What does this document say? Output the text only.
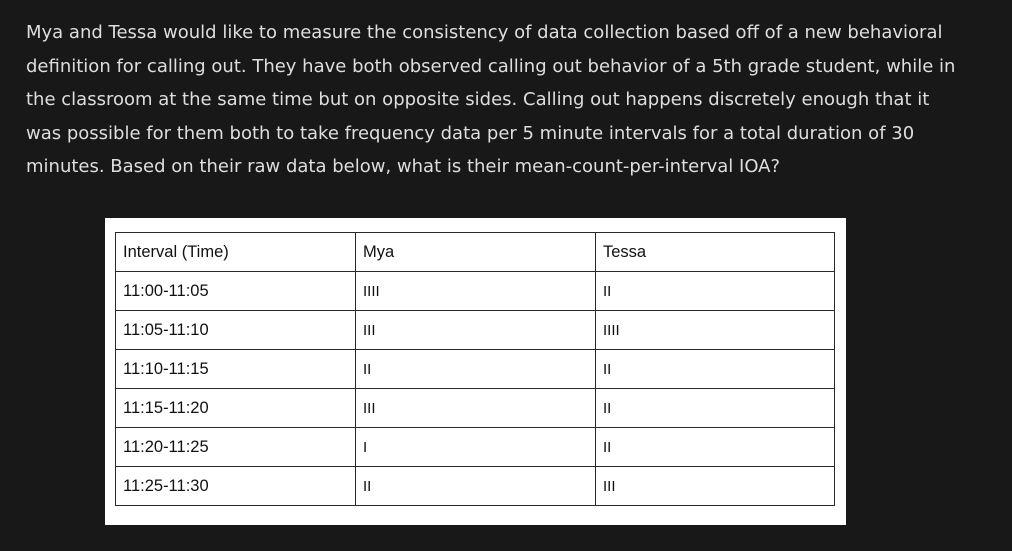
Mya and Tessa would like to measure the consistency of data collection based off of a new behavioral definition for calling out. They have both observed calling out behavior of a 5th grade student, while in the classroom at the same time but on opposite sides. Calling out happens discretely enough that it was possible for them both to take frequency data per 5 minute intervals for a total duration of 30 minutes. Based on their raw data below, what is their mean-count-per-interval IOA?

Interval (Time)	Mya	Tessa
11:00-11:05	IIII	II
11:05-11:10	III	IIII
11:10-11:15	II	II
11:15-11:20	III	II
11:20-11:25	I	II
11:25-11:30	II	III
